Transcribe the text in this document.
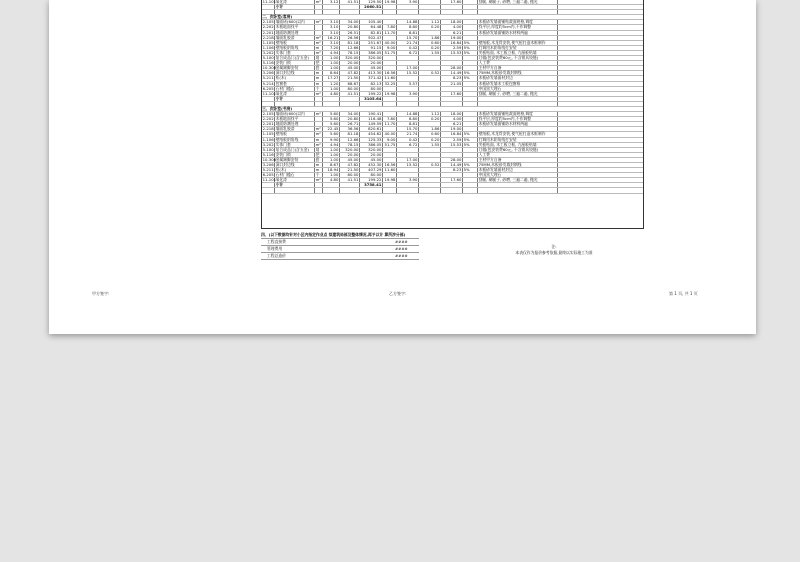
11-101	氧化漆	m²	3.12	41.51	129.50	19.98	3.90		17.60		刮腻, 刷腻子, 砂磨, 三遍二遍, 抛光	
	小计				2060.51							

二、次卧室(客房)												
2-105	墙面砖(600)以内	m²	3.10	34.00	105.40		14.88	1.12	18.00		木板砂发墙面铺贴裁面规格,调度	
2-202	木板地面找平		3.10	20.80	64.48	7.80	8.80	0.20	4.00		找平层,厚度约5cm内,不作调整	
2-201	地面防潮处理		3.10	26.51	82.81	11.70	8.81		6.21		木板砂发墙面铺防水材料两遍	
2-218	墙面乳胶漆	m²	16.21	26.56	502.47		15.70	1.86	19.00			
1-105	壁纸板	m²	3.10	81.18	251.67	40.00	21.74	0.60	16.84	5%	壁纸板,木龙骨安装,使气枪打造木框制作	
1-106	壁纸板阴角线	m	7.20	12.66	91.15	9.00	0.42	0.20	2.59	5%	打调用木阴角线打安装	
3-202	实体门套	m²	4.94	78.15	386.05	51.75	6.72	1.55	15.53	5%	夹板贴面, 木工板立框, 九厘板贴墙	
5-100	复合成品门(含五金)	扇	1.00	320.00	320.00						订做(包安装费60元, 不含锁具铰链)	
5-116	安装门锁	把	1.00	20.00	20.00						人工费	
10-306	金属踢脚安装	套	1.00	45.00	45.00		17.00		28.00		主材甲方自备	
3-206	洞口封边线	m	8.64	47.82	413.30	16.56	15.52	0.52	14.49	5%	75MM,木板砂发墙封钢线	
5-211	柜(木)	m	17.27	21.50	371.42	11.60			8.23	5%	木板砂发墙面材封边	
5-214	包窗套	m	1.20	68.67	82.13	32.25	5.57		21.05		木板砂发墙木工板包窗框	
6-205	石材门槛石	个	1.00	80.00	80.00						中国黑大理石	
11-101	氧化漆	m²	4.80	41.51	199.22	19.98	3.90		17.60		刮腻, 刷腻子, 砂磨, 三遍二遍, 抛光	
	小计				3105.64							

三、次卧室(书房)												
2-105	墙面砖(600)以内	m²	5.60	34.00	190.41		14.88	1.12	18.00		木板砂发墙面铺贴裁面规格,调度	
2-202	木板地面找平		5.60	20.80	116.48	7.80	8.80	0.20	4.00		找平层,厚度约5cm内,不作调整	
2-201	地面防潮处理		5.60	26.71	149.59	11.70	8.81		6.21		木板砂发墙面铺防水材料两遍	
2-218	墙面乳胶漆	m²	22.45	36.56	820.61		15.70	1.86	19.00			
1-105	壁纸板	m²	5.60	81.18	454.62	40.00	21.74	0.60	16.84	5%	壁纸板,木龙骨安装,使气枪打造木框制作	
1-106	壁纸板阴角线	m	9.90	12.66	125.33	9.00	0.42	0.20	2.59	5%	打调用木阴角线打安装	
3-202	实体门套	m²	4.94	78.15	386.05	51.75	6.72	1.55	15.53	5%	夹板贴面, 木工板立框, 九厘板贴墙	
5-100	复合成品门(含五金)	扇	1.00	320.00	320.00						订做(包安装费60元, 不含锁具铰链)	
5-116	安装门锁	把	1.00	20.00	20.00						人工费	
10-306	金属踢脚安装	套	1.00	45.00	45.00		17.00		28.00		主材甲方自备	
3-206	洞口封边线	m	8.67	47.82	452.30	16.56	15.52	0.52	14.49	5%	75MM,木板砂发墙封钢线	
5-211	柜(木)	m	18.94	21.50	407.29	11.60			8.23	5%	木板砂发墙面材封边	
6-205	石材门槛石	个	1.00	80.00	80.00						中国黑大理石	
11-101	氧化漆	m²	4.80	41.51	199.22	19.98	3.90		17.60		刮腻, 刷腻子, 砂磨, 三遍二遍, 抛光	
	小计				3758.41							

四、(以下数据均针对小区内指定作业点 拟建筑局部及整体情况,再予以计 算所涉分部)
工程直接费	####
管理费用	####
工程总造价	####
注:
本表仅作为报价参考依据,最终以实际施工为准
甲方签字:	乙方签字:	第 1 页, 共 1 页
